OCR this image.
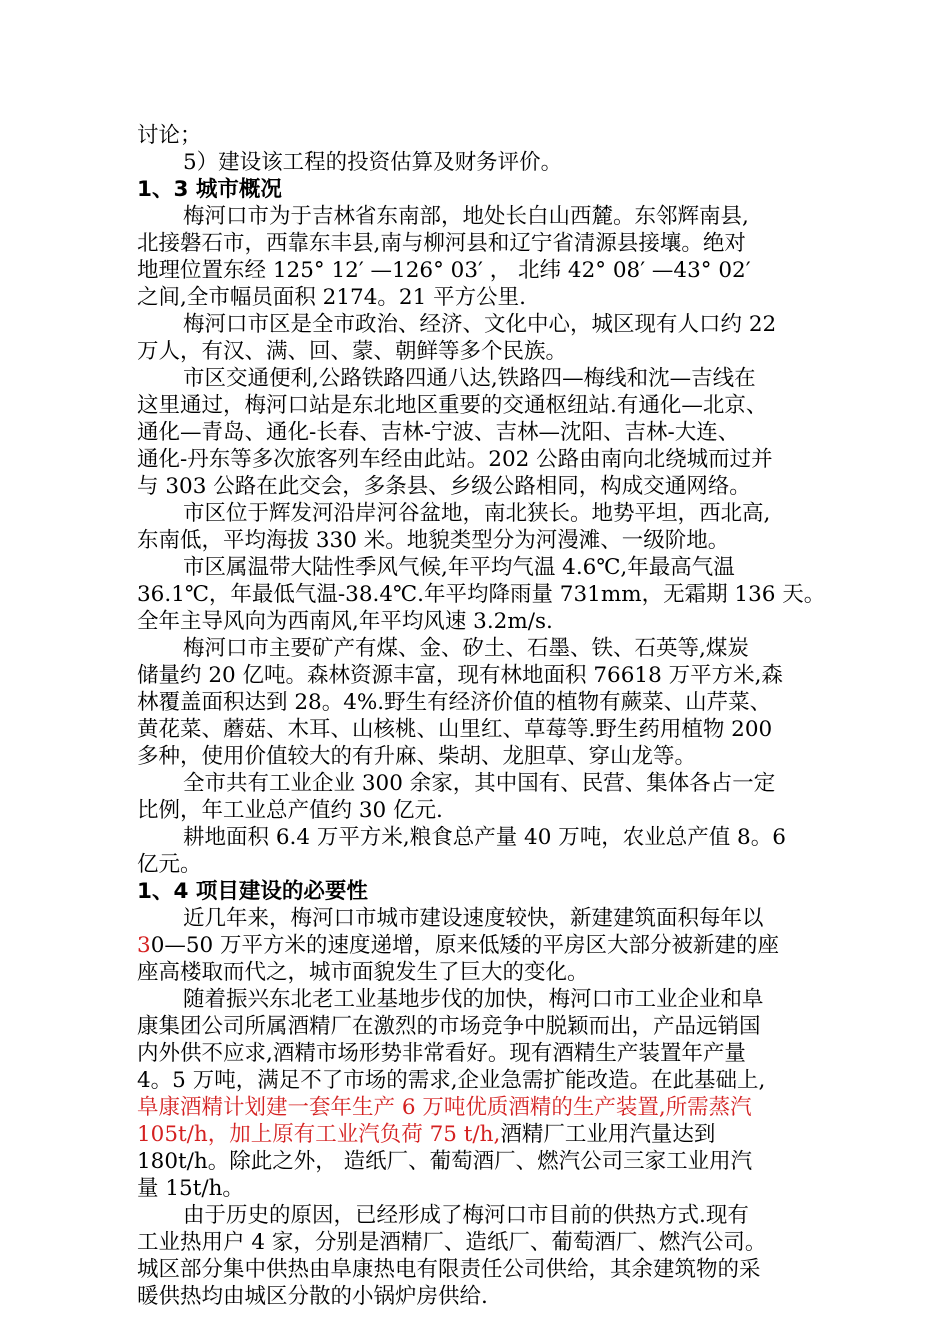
讨论；
5）建设该工程的投资估算及财务评价。
1、3 城市概况
梅河口市为于吉林省东南部，地处长白山西麓。东邻辉南县,
北接磐石市，西靠东丰县,南与柳河县和辽宁省清源县接壤。绝对
地理位置东经 125° 12′ —126° 03′ ， 北纬 42° 08′ —43° 02′
之间,全市幅员面积 2174。21 平方公里.
梅河口市区是全市政治、经济、文化中心，城区现有人口约 22
万人，有汉、满、回、蒙、朝鲜等多个民族。
市区交通便利,公路铁路四通八达,铁路四—梅线和沈—吉线在
这里通过，梅河口站是东北地区重要的交通枢纽站.有通化—北京、
通化—青岛、通化-长春、吉林-宁波、吉林—沈阳、吉林-大连、
通化-丹东等多次旅客列车经由此站。202 公路由南向北绕城而过并
与 303 公路在此交会，多条县、乡级公路相同，构成交通网络。
市区位于辉发河沿岸河谷盆地，南北狭长。地势平坦，西北高,
东南低，平均海拔 330 米。地貌类型分为河漫滩、一级阶地。
市区属温带大陆性季风气候,年平均气温 4.6℃,年最高气温
36.1℃，年最低气温-38.4℃.年平均降雨量 731mm，无霜期 136 天。
全年主导风向为西南风,年平均风速 3.2m/s.
梅河口市主要矿产有煤、金、矽土、石墨、铁、石英等,煤炭
储量约 20 亿吨。森林资源丰富，现有林地面积 76618 万平方米,森
林覆盖面积达到 28。4%.野生有经济价值的植物有蕨菜、山芹菜、
黄花菜、蘑菇、木耳、山核桃、山里红、草莓等.野生药用植物 200
多种，使用价值较大的有升麻、柴胡、龙胆草、穿山龙等。
全市共有工业企业 300 余家，其中国有、民营、集体各占一定
比例，年工业总产值约 30 亿元.
耕地面积 6.4 万平方米,粮食总产量 40 万吨，农业总产值 8。6
亿元。
1、4 项目建设的必要性
近几年来，梅河口市城市建设速度较快，新建建筑面积每年以
30—50 万平方米的速度递增，原来低矮的平房区大部分被新建的座
座高楼取而代之，城市面貌发生了巨大的变化。
随着振兴东北老工业基地步伐的加快，梅河口市工业企业和阜
康集团公司所属酒精厂在激烈的市场竞争中脱颖而出，产品远销国
内外供不应求,酒精市场形势非常看好。现有酒精生产装置年产量
4。5 万吨，满足不了市场的需求,企业急需扩能改造。在此基础上,
阜康酒精计划建一套年生产 6 万吨优质酒精的生产装置,所需蒸汽
105t/h，加上原有工业汽负荷 75 t/h,酒精厂工业用汽量达到
180t/h。除此之外， 造纸厂、葡萄酒厂、燃汽公司三家工业用汽
量 15t/h。
由于历史的原因，已经形成了梅河口市目前的供热方式.现有
工业热用户 4 家，分别是酒精厂、造纸厂、葡萄酒厂、燃汽公司。
城区部分集中供热由阜康热电有限责任公司供给，其余建筑物的采
暖供热均由城区分散的小锅炉房供给.
